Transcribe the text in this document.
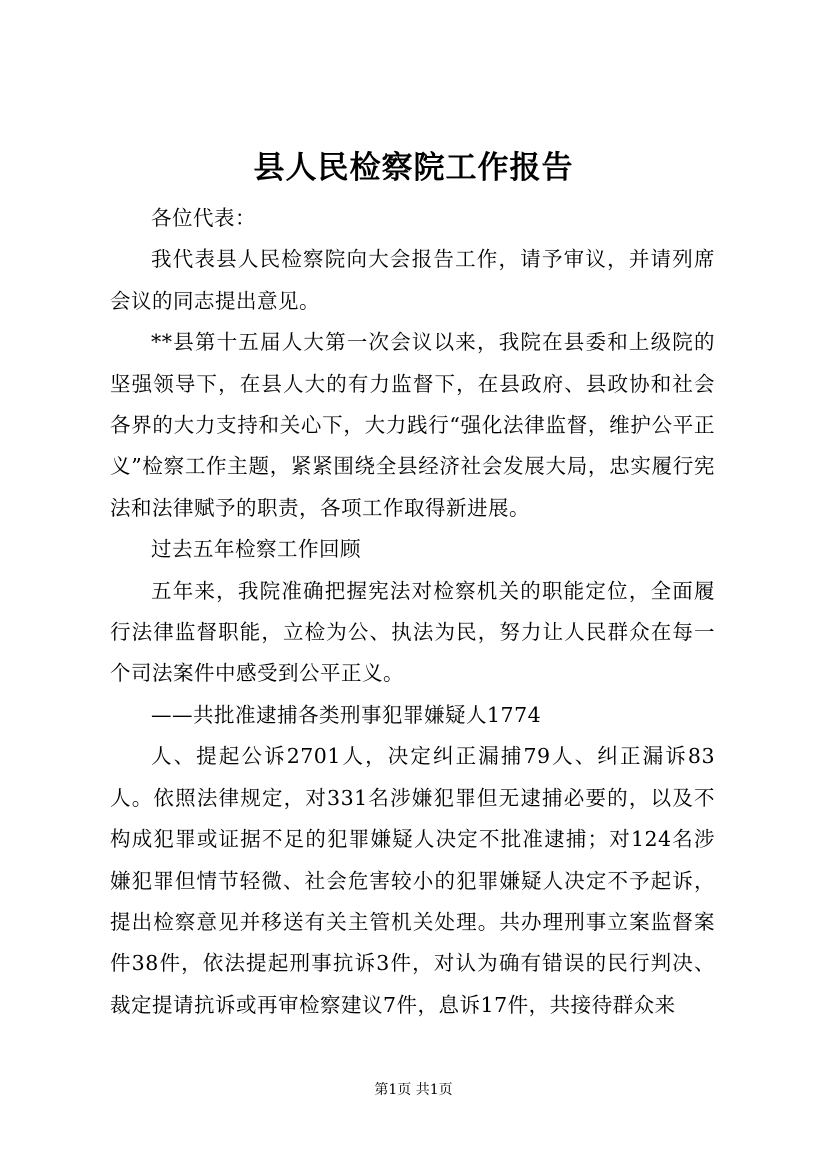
县人民检察院工作报告

各位代表：

我代表县人民检察院向大会报告工作，请予审议，并请列席会议的同志提出意见。

**县第十五届人大第一次会议以来，我院在县委和上级院的坚强领导下，在县人大的有力监督下，在县政府、县政协和社会各界的大力支持和关心下，大力践行“强化法律监督，维护公平正义”检察工作主题，紧紧围绕全县经济社会发展大局，忠实履行宪法和法律赋予的职责，各项工作取得新进展。

过去五年检察工作回顾

五年来，我院准确把握宪法对检察机关的职能定位，全面履行法律监督职能，立检为公、执法为民，努力让人民群众在每一个司法案件中感受到公平正义。

——共批准逮捕各类刑事犯罪嫌疑人1774

人、提起公诉2701人，决定纠正漏捕79人、纠正漏诉83人。依照法律规定，对331名涉嫌犯罪但无逮捕必要的，以及不构成犯罪或证据不足的犯罪嫌疑人决定不批准逮捕；对124名涉嫌犯罪但情节轻微、社会危害较小的犯罪嫌疑人决定不予起诉，提出检察意见并移送有关主管机关处理。共办理刑事立案监督案件38件，依法提起刑事抗诉3件，对认为确有错误的民行判决、裁定提请抗诉或再审检察建议7件，息诉17件，共接待群众来

第1页 共1页
